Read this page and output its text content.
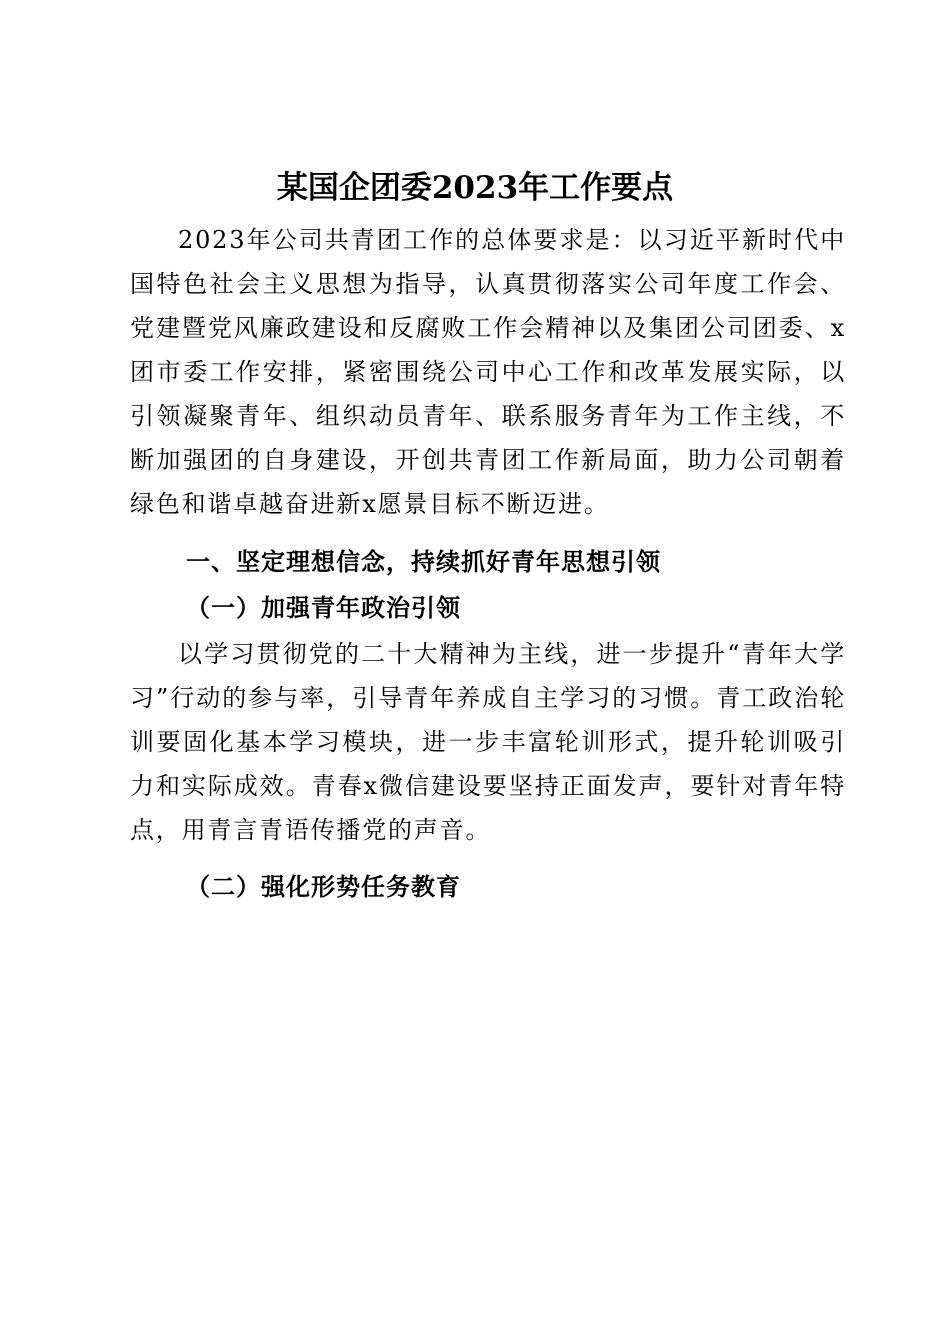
某国企团委2023年工作要点

2023年公司共青团工作的总体要求是：以习近平新时代中国特色社会主义思想为指导，认真贯彻落实公司年度工作会、党建暨党风廉政建设和反腐败工作会精神以及集团公司团委、x团市委工作安排，紧密围绕公司中心工作和改革发展实际，以引领凝聚青年、组织动员青年、联系服务青年为工作主线，不断加强团的自身建设，开创共青团工作新局面，助力公司朝着绿色和谐卓越奋进新x愿景目标不断迈进。

一、坚定理想信念，持续抓好青年思想引领
（一）加强青年政治引领

以学习贯彻党的二十大精神为主线，进一步提升“青年大学习”行动的参与率，引导青年养成自主学习的习惯。青工政治轮训要固化基本学习模块，进一步丰富轮训形式，提升轮训吸引力和实际成效。青春x微信建设要坚持正面发声，要针对青年特点，用青言青语传播党的声音。

（二）强化形势任务教育
